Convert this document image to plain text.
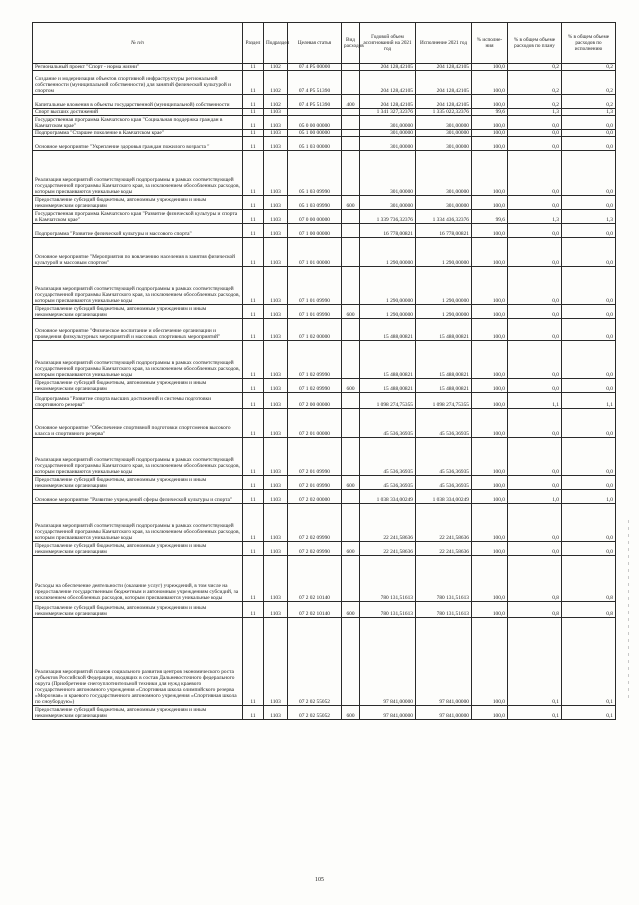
№ п/п	Раздел	Подраздел	Целевая статья	Вид расходов	Годовой объем ассигнований на 2021 год	Исполнение 2021 год	% исполне- ния	% в общем объеме расходов по плану	% в общем объеме расходов по исполнению
Региональный проект "Спорт - норма жизни"	11	1102	07 4 P5 00000		204 128,42105	204 128,42105	100,0	0,2	0,2
Создание и модернизация объектов спортивной инфраструктуры региональной собственности (муниципальной собственности) для занятий физической культурой и спортом	11	1102	07 4 P5 51390		204 128,42105	204 128,42105	100,0	0,2	0,2
Капитальные вложения в объекты государственной (муниципальной) собственности	11	1102	07 4 P5 51390	400	204 128,42105	204 128,42105	100,0	0,2	0,2
Спорт высших достижений	11	1103			1 341 327,32376	1 335 022,32376	99,6	1,3	1,3
Государственная программа Камчатского края "Социальная поддержка граждан в Камчатском крае"	11	1103	05 0 00 00000		301,00000	301,00000	100,0	0,0	0,0
Подпрограмма "Старшее поколение в Камчатском крае"	11	1103	05 1 00 00000		301,00000	301,00000	100,0	0,0	0,0
Основное мероприятие "Укрепление здоровья граждан пожилого возраста "	11	1103	05 1 03 00000		301,00000	301,00000	100,0	0,0	0,0
Реализация мероприятий соответствующей подпрограммы в рамках соответствующей государственной программы Камчатского края, за исключением обособленных расходов, которым присваиваются уникальные коды	11	1103	05 1 03 09990		301,00000	301,00000	100,0	0,0	0,0
Предоставление субсидий бюджетным, автономным учреждениям и иным некоммерческим организациям	11	1103	05 1 03 09990	600	301,00000	301,00000	100,0	0,0	0,0
Государственная программа Камчатского края "Развитие физической культуры и спорта в Камчатском крае"	11	1103	07 0 00 00000		1 339 736,32376	1 334 436,32376	99,6	1,3	1,3
Подпрограмма "Развитие физической культуры и массового спорта"	11	1103	07 1 00 00000		16 778,00821	16 778,00821	100,0	0,0	0,0
Основное мероприятие "Мероприятия по вовлечению населения в занятия физической культурой и массовым спортом"	11	1103	07 1 01 00000		1 290,00000	1 290,00000	100,0	0,0	0,0
Реализация мероприятий соответствующей подпрограммы в рамках соответствующей государственной программы Камчатского края, за исключением обособленных расходов, которым присваиваются уникальные коды	11	1103	07 1 01 09990		1 290,00000	1 290,00000	100,0	0,0	0,0
Предоставление субсидий бюджетным, автономным учреждениям и иным некоммерческим организациям	11	1103	07 1 01 09990	600	1 290,00000	1 290,00000	100,0	0,0	0,0
Основное мероприятие "Физическое воспитание и обеспечение организации и проведения физкультурных мероприятий и массовых спортивных мероприятий"	11	1103	07 1 02 00000		15 488,00821	15 488,00821	100,0	0,0	0,0
Реализация мероприятий соответствующей подпрограммы в рамках соответствующей государственной программы Камчатского края, за исключением обособленных расходов, которым присваиваются уникальные коды	11	1103	07 1 02 09990		15 488,00821	15 488,00821	100,0	0,0	0,0
Предоставление субсидий бюджетным, автономным учреждениям и иным некоммерческим организациям	11	1103	07 1 02 09990	600	15 488,00821	15 488,00821	100,0	0,0	0,0
Подпрограмма "Развитие спорта высших достижений и системы подготовки спортивного резерва"	11	1103	07 2 00 00000		1 098 274,75355	1 098 274,75355	100,0	1,1	1,1
Основное мероприятие "Обеспечение спортивной подготовки спортсменов высокого класса и спортивного резерва"	11	1103	07 2 01 00000		45 536,36935	45 536,36935	100,0	0,0	0,0
Реализация мероприятий соответствующей подпрограммы в рамках соответствующей государственной программы Камчатского края, за исключением обособленных расходов, которым присваиваются уникальные коды	11	1103	07 2 01 09990		45 536,36935	45 536,36935	100,0	0,0	0,0
Предоставление субсидий бюджетным, автономным учреждениям и иным некоммерческим организациям	11	1103	07 2 01 09990	600	45 536,36935	45 536,36935	100,0	0,0	0,0
Основное мероприятие "Развитие учреждений сферы физической культуры и спорта"	11	1103	07 2 02 00000		1 038 334,00249	1 038 334,00249	100,0	1,0	1,0
Реализация мероприятий соответствующей подпрограммы в рамках соответствующей государственной программы Камчатского края, за исключением обособленных расходов, которым присваиваются уникальные коды	11	1103	07 2 02 09990		22 241,58636	22 241,58636	100,0	0,0	0,0
Предоставление субсидий бюджетным, автономным учреждениям и иным некоммерческим организациям	11	1103	07 2 02 09990	600	22 241,58636	22 241,58636	100,0	0,0	0,0
Расходы на обеспечение деятельности (оказание услуг) учреждений, в том числе на предоставление государственным бюджетным и автономным учреждениям субсидий, за исключением обособленных расходов, которым присваиваются уникальные коды	11	1103	07 2 02 10140		780 131,51613	780 131,51613	100,0	0,8	0,8
Предоставление субсидий бюджетным, автономным учреждениям и иным некоммерческим организациям	11	1103	07 2 02 10140	600	780 131,51613	780 131,51613	100,0	0,8	0,8
Реализация мероприятий планов социального развития центров экономического роста субъектов Российской Федерации, входящих в состав Дальневосточного федерального округа (Приобретение снегоуплотнительной техники для нужд краевого государственного автономного учреждения «Спортивная школа олимпийского резерва «Морозная» и краевого государственного автономного учреждения «Спортивная школа по сноубордую»)	11	1103	07 2 02 55052		97 841,00000	97 841,00000	100,0	0,1	0,1
Предоставление субсидий бюджетным, автономным учреждениям и иным некоммерческим организациям	11	1103	07 2 02 55052	600	97 841,00000	97 841,00000	100,0	0,1	0,1
105
